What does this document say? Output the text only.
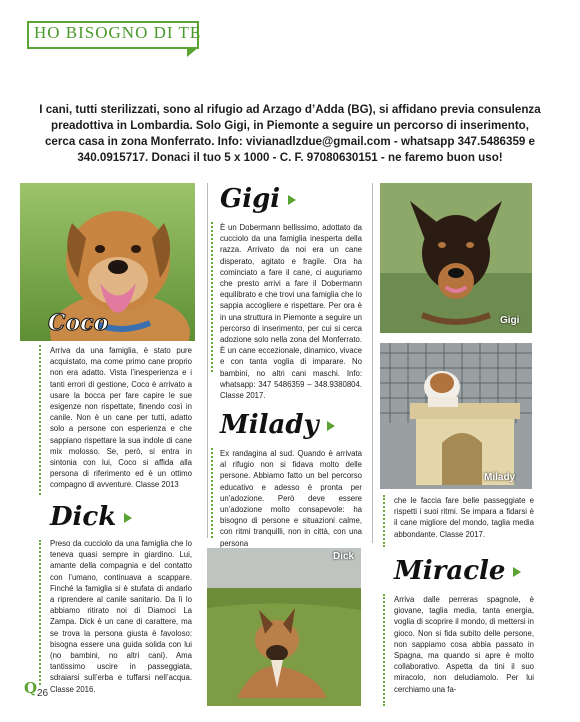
HO BISOGNO DI TE
I cani, tutti sterilizzati, sono al rifugio ad Arzago d’Adda (BG), si affidano previa consulenza preadottiva in Lombardia. Solo Gigi, in Piemonte a seguire un percorso di inserimento, cerca casa in zona Monferrato. Info: vivianadlzdue@gmail.com - whatsapp 347.5486359 e 340.0915717. Donaci il tuo 5 x 1000 - C. F. 97080630151 - ne faremo buon uso!
Coco
Arriva da una famiglia, è stato pure acquistato, ma come primo cane proprio non era adatto. Vista l’inesperienza e i tanti errori di gestione, Coco è arrivato a usare la bocca per fare capire le sue esigenze non rispettate, finendo così in canile. Non è un cane per tutti, adatto solo a persone con esperienza e che sappiano rispettare la sua indole di cane mix molosso. Se, però, si entra in sintonia con lui, Coco si affida alla persona di riferimento ed è un ottimo compagno di avventure. Classe 2013
Dick
Preso da cucciolo da una famiglia che lo teneva quasi sempre in giardino. Lui, amante della compagnia e del contatto con l’umano, continuava a scappare. Finché la famiglia si è stufata di andarlo a riprendere al canile sanitario. Da lì lo abbiamo ritirato noi di Diamoci La Zampa. Dick è un cane di carattere, ma se trova la persona giusta è favoloso: bisogna essere una guida solida con lui (no bambini, no altri cani). Ama tantissimo uscire in passeggiata, sdraiarsi sull’erba e tuffarsi nell’acqua. Classe 2016.
Gigi
È un Dobermann bellissimo, adottato da cucciolo da una famiglia inesperta della razza. Arrivato da noi era un cane disperato, agitato e fragile. Ora ha cominciato a fare il cane, ci auguriamo che presto arrivi a fare il Dobermann equilibrato e che trovi una famiglia che lo sappia accogliere e rispettare. Per ora è in una struttura in Piemonte a seguire un percorso di inserimento, per cui si cerca adozione solo nella zona del Monferrato. È un cane eccezionale, dinamico, vivace e con tanta voglia di imparare. No bambini, no altri cani maschi. Info: whatsapp: 347 5486359 – 348.9380804. Classe 2017.
Milady
Ex randagina al sud. Quando è arrivata al rifugio non si fidava molto delle persone. Abbiamo fatto un bel percorso educativo e adesso è pronta per un’adozione. Però deve essere un’adozione molto consapevole: ha bisogno di persone e situazioni calme, con ritmi tranquilli, non in città, con una persona
Dick
Gigi
Milady
che le faccia fare belle passeggiate e rispetti i suoi ritmi. Se impara a fidarsi è il cane migliore del mondo, taglia media abbondante. Classe 2017.
Miracle
Arriva dalle perreras spagnole, è giovane, taglia media, tanta energia, voglia di scoprire il mondo, di mettersi in gioco. Non si fida subito delle persone, non sappiamo cosa abbia passato in Spagna, ma quando si apre è molto collaborativo. Aspetta da tini il suo miracolo, non deludiamolo. Per lui cerchiamo una fa-
Q 26
